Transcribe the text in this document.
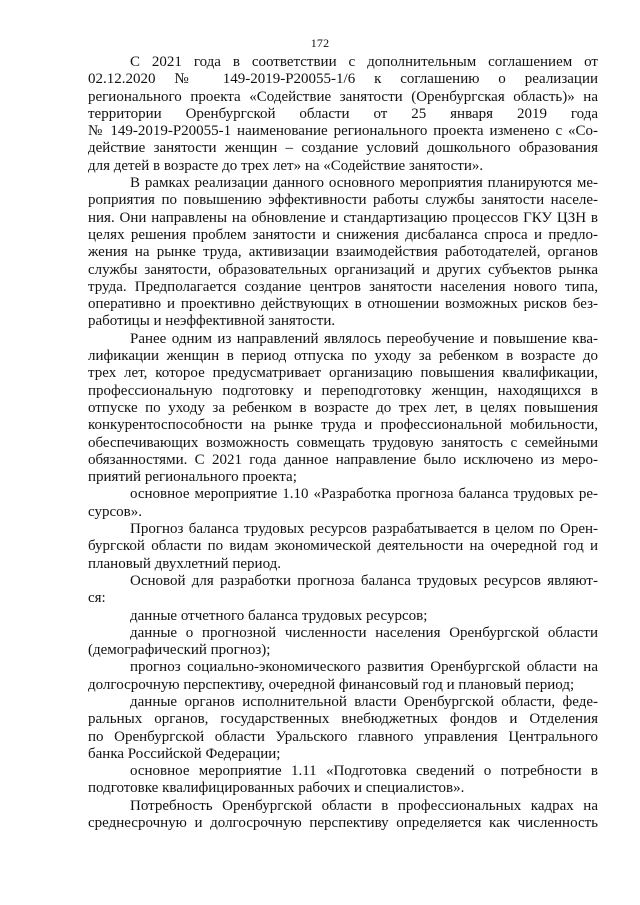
172
С 2021 года в соответствии с дополнительным соглашением от
02.12.2020 № 149-2019-Р20055-1/6 к соглашению о реализации
регионального проекта «Содействие занятости (Оренбургская область)» на
территории Оренбургской области от 25 января 2019 года
№ 149-2019-Р20055-1 наименование регионального проекта изменено с «Со-
действие занятости женщин – создание условий дошкольного образования
для детей в возрасте до трех лет» на «Содействие занятости».
В рамках реализации данного основного мероприятия планируются ме-
роприятия по повышению эффективности работы службы занятости населе-
ния. Они направлены на обновление и стандартизацию процессов ГКУ ЦЗН в
целях решения проблем занятости и снижения дисбаланса спроса и предло-
жения на рынке труда, активизации взаимодействия работодателей, органов
службы занятости, образовательных организаций и других субъектов рынка
труда. Предполагается создание центров занятости населения нового типа,
оперативно и проективно действующих в отношении возможных рисков без-
работицы и неэффективной занятости.
Ранее одним из направлений являлось переобучение и повышение ква-
лификации женщин в период отпуска по уходу за ребенком в возрасте до
трех лет, которое предусматривает организацию повышения квалификации,
профессиональную подготовку и переподготовку женщин, находящихся в
отпуске по уходу за ребенком в возрасте до трех лет, в целях повышения
конкурентоспособности на рынке труда и профессиональной мобильности,
обеспечивающих возможность совмещать трудовую занятость с семейными
обязанностями. С 2021 года данное направление было исключено из меро-
приятий регионального проекта;
основное мероприятие 1.10 «Разработка прогноза баланса трудовых ре-
сурсов».
Прогноз баланса трудовых ресурсов разрабатывается в целом по Орен-
бургской области по видам экономической деятельности на очередной год и
плановый двухлетний период.
Основой для разработки прогноза баланса трудовых ресурсов являют-
ся:
данные отчетного баланса трудовых ресурсов;
данные о прогнозной численности населения Оренбургской области
(демографический прогноз);
прогноз социально-экономического развития Оренбургской области на
долгосрочную перспективу, очередной финансовый год и плановый период;
данные органов исполнительной власти Оренбургской области, феде-
ральных органов, государственных внебюджетных фондов и Отделения
по Оренбургской области Уральского главного управления Центрального
банка Российской Федерации;
основное мероприятие 1.11 «Подготовка сведений о потребности в
подготовке квалифицированных рабочих и специалистов».
Потребность Оренбургской области в профессиональных кадрах на
среднесрочную и долгосрочную перспективу определяется как численность
